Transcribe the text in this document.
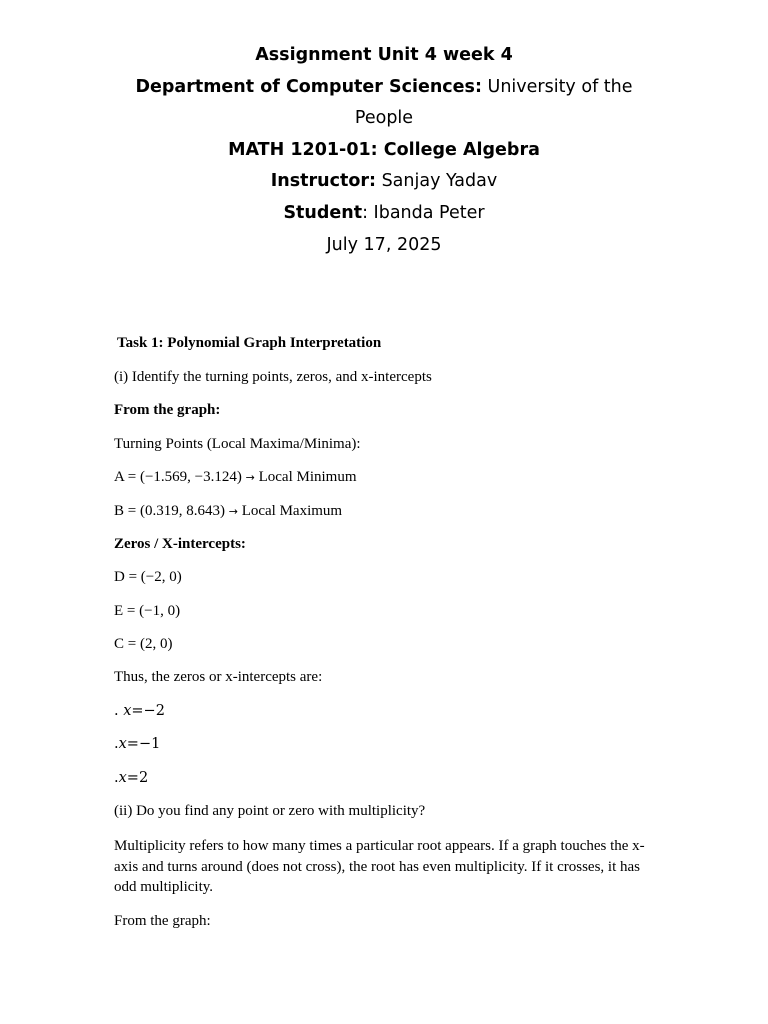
Assignment Unit 4 week 4
Department of Computer Sciences: University of the
People
MATH 1201-01: College Algebra
Instructor: Sanjay Yadav
Student: Ibanda Peter
July 17, 2025

Task 1: Polynomial Graph Interpretation

(i) Identify the turning points, zeros, and x-intercepts

From the graph:

Turning Points (Local Maxima/Minima):

A = (−1.569, −3.124) → Local Minimum

B = (0.319, 8.643) → Local Maximum

Zeros / X-intercepts:

D = (−2, 0)

E = (−1, 0)

C = (2, 0)

Thus, the zeros or x-intercepts are:

. x=−2

.x=−1

.x=2

(ii) Do you find any point or zero with multiplicity?

Multiplicity refers to how many times a particular root appears. If a graph touches the x-

axis and turns around (does not cross), the root has even multiplicity. If it crosses, it has

odd multiplicity.

From the graph:
